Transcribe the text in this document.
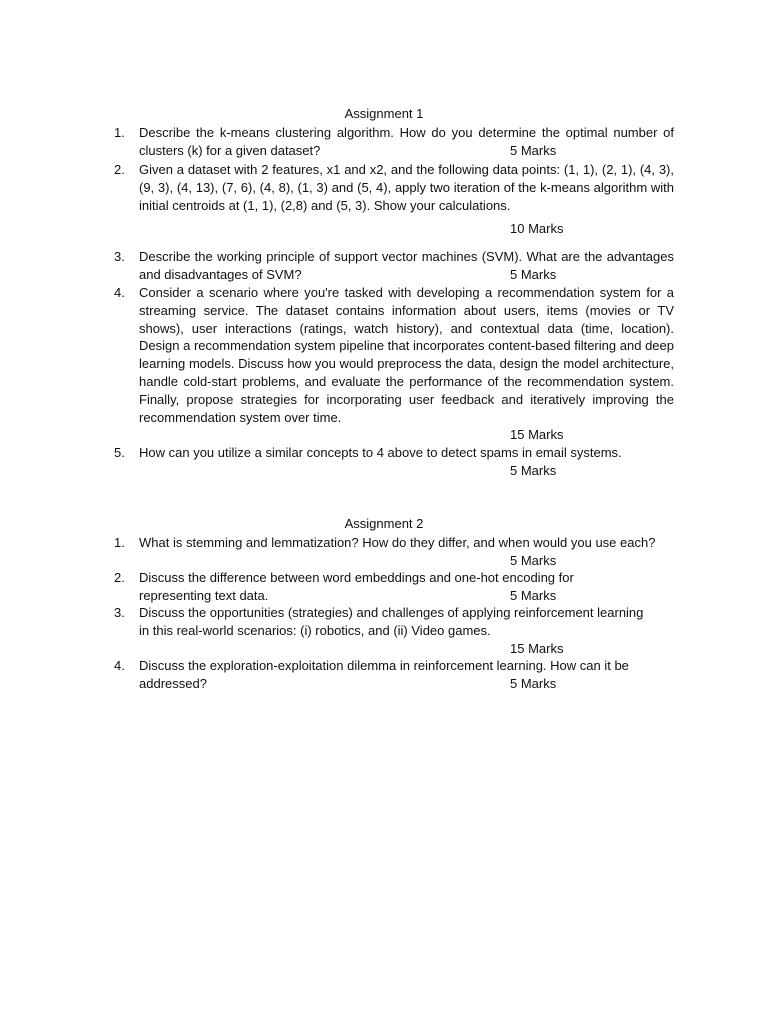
Assignment 1
1. Describe the k-means clustering algorithm. How do you determine the optimal number of clusters (k) for a given dataset?	5 Marks
2. Given a dataset with 2 features, x1 and x2, and the following data points: (1, 1), (2, 1), (4, 3), (9, 3), (4, 13), (7, 6), (4, 8), (1, 3) and (5, 4), apply two iteration of the k-means algorithm with initial centroids at (1, 1), (2,8) and (5, 3). Show your calculations.
10 Marks
3. Describe the working principle of support vector machines (SVM). What are the advantages and disadvantages of SVM?	5 Marks
4. Consider a scenario where you're tasked with developing a recommendation system for a streaming service. The dataset contains information about users, items (movies or TV shows), user interactions (ratings, watch history), and contextual data (time, location). Design a recommendation system pipeline that incorporates content-based filtering and deep learning models. Discuss how you would preprocess the data, design the model architecture, handle cold-start problems, and evaluate the performance of the recommendation system. Finally, propose strategies for incorporating user feedback and iteratively improving the recommendation system over time.
15 Marks
5. How can you utilize a similar concepts to 4 above to detect spams in email systems.
5 Marks
Assignment 2
1. What is stemming and lemmatization? How do they differ, and when would you use each?
5 Marks
2. Discuss the difference between word embeddings and one-hot encoding for representing text data.	5 Marks
3. Discuss the opportunities (strategies) and challenges of applying reinforcement learning in this real-world scenarios: (i) robotics, and (ii) Video games.
15 Marks
4. Discuss the exploration-exploitation dilemma in reinforcement learning. How can it be addressed?	5 Marks
